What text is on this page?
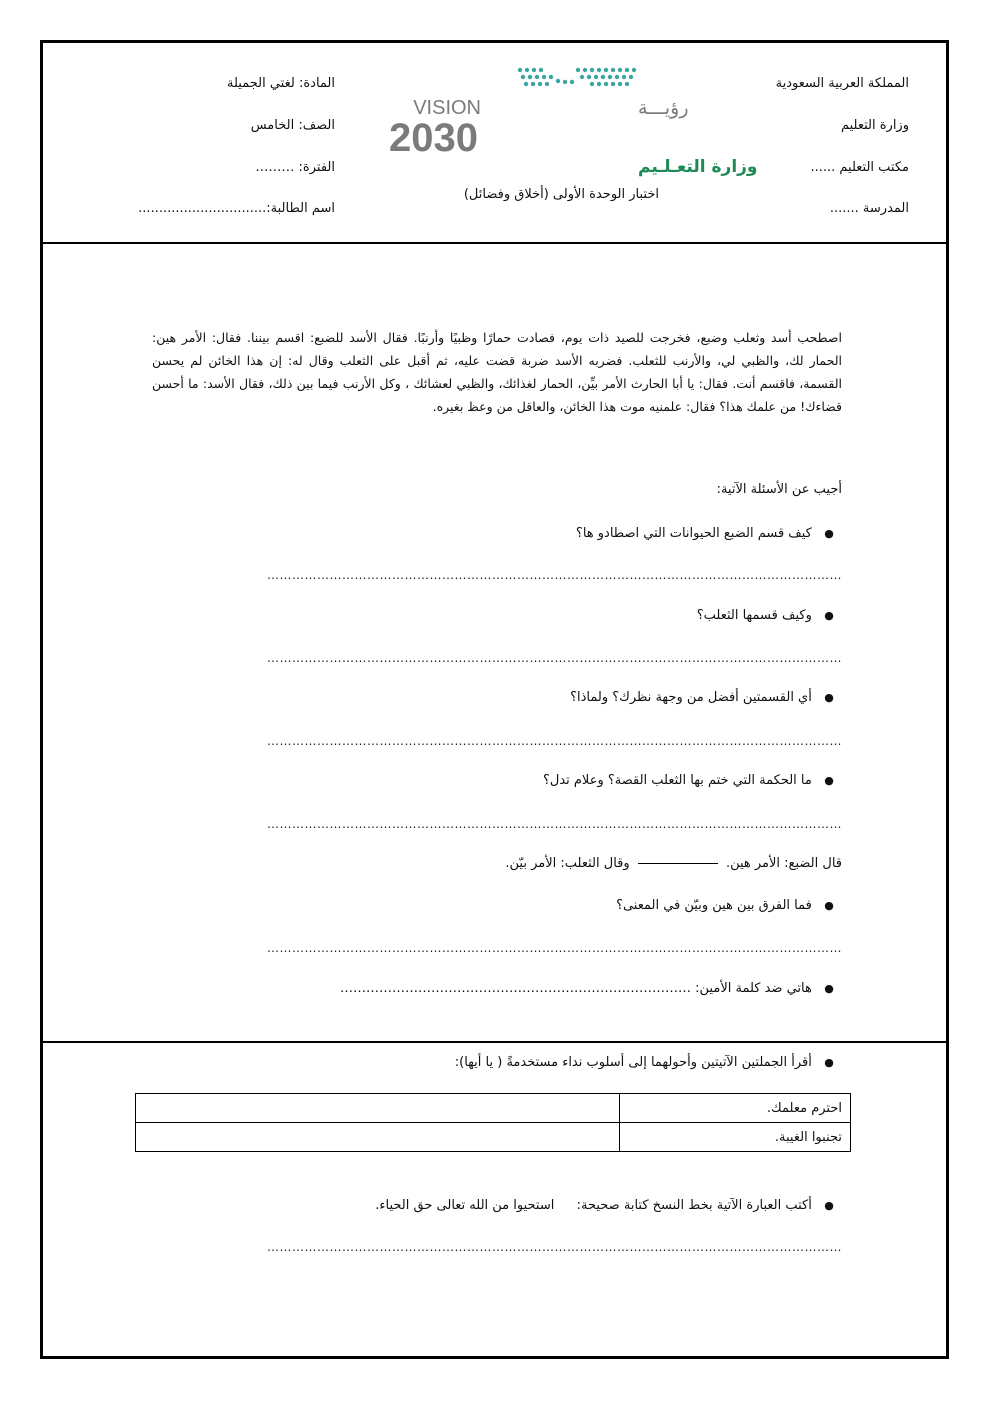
المملكة العربية السعودية
وزارة التعليم
مكتب التعليم ......
المدرسة .......
المادة: لغتي الجميلة
الصف: الخامس
الفترة: ………
اسم الطالبة:...............................
VISION	رؤيـــة
2030
وزارة التعـلـيم
اختبار الوحدة الأولى (أخلاق وفضائل)
اصطحب أسد وثعلب وضبع، فخرجت للصيد ذات يوم، فصادت حمارًا وظبيًا وأرنبًا. فقال الأسد للضبع: اقسم بيننا. فقال: الأمر هين: الحمار لك، والظبي لي، والأرنب للثعلب. فضربه الأسد ضربة قضت عليه، ثم أقبل على الثعلب وقال له: إن هذا الخائن لم يحسن القسمة، فاقسم أنت. فقال: يا أبا الحارث الأمر بيِّن، الحمار لغذائك، والظبي لعشائك ، وكل الأرنب فيما بين ذلك، فقال الأسد: ما أحسن قضاءك! من علمك هذا؟ فقال: علمنيه موت هذا الخائن، والعاقل من وعظ بغيره.
أجيب عن الأسئلة الآتية:
● كيف قسم الضبع الحيوانات التي اصطادو ها؟
…………………………………………………………………………………………………………………………
● وكيف قسمها الثعلب؟
…………………………………………………………………………………………………………………………
● أي القسمتين أفضل من وجهة نظرك؟ ولماذا؟
…………………………………………………………………………………………………………………………
● ما الحكمة التي ختم بها الثعلب القصة؟ وعلام تدل؟
…………………………………………………………………………………………………………………………
قال الضبع: الأمر هين.  وقال الثعلب: الأمر بيّن.
● فما الفرق بين هين وبيّن في المعنى؟
…………………………………………………………………………………………………………………………
● هاتي ضد كلمة الأمين: ………………………………………………………………………
● أقرأ الجملتين الآتيتين وأحولهما إلى أسلوب نداء مستخدمةً ( يا أيها):
احترم معلمك.	
تجنبوا الغيبة.	
● أكتب العبارة الآتية بخط النسخ كتابة صحيحة:  استحيوا من الله تعالى حق الحياء.
…………………………………………………………………………………………………………………………
